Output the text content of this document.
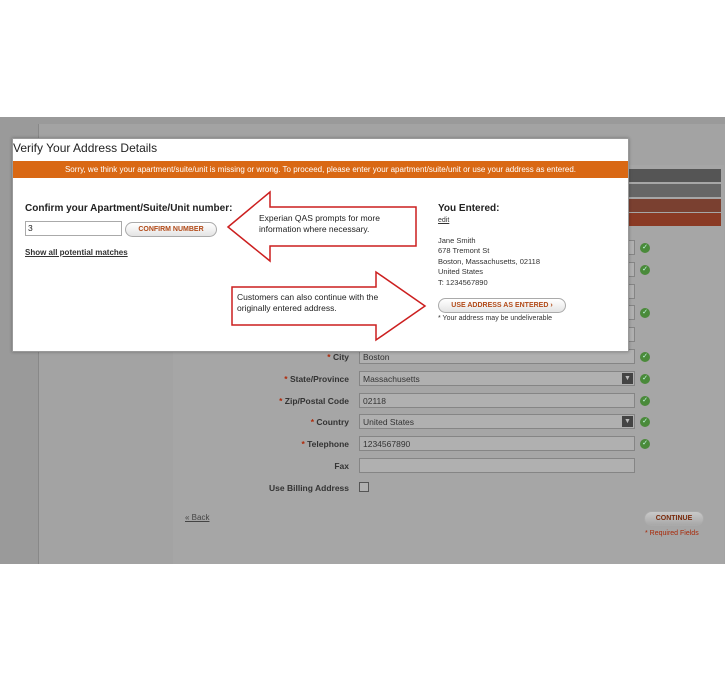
✓
✓
✓
* City	Boston	✓
* State/Province	Massachusetts	▼ ✓
* Zip/Postal Code	02118	✓
* Country	United States	▼ ✓
* Telephone	1234567890	✓
Fax
Use Billing Address
« Back	CONTINUE
* Required Fields
Verify Your Address Details
Sorry, we think your apartment/suite/unit is missing or wrong. To proceed, please enter your apartment/suite/unit or use your address as entered.
Confirm your Apartment/Suite/Unit number:
3	CONFIRM NUMBER
Show all potential matches
You Entered:
edit
Jane Smith
678 Tremont St
Boston, Massachusetts, 02118
United States
T: 1234567890
USE ADDRESS AS ENTERED ›
* Your address may be undeliverable
Experian QAS prompts for more information where necessary.
Customers can also continue with the originally entered address.
